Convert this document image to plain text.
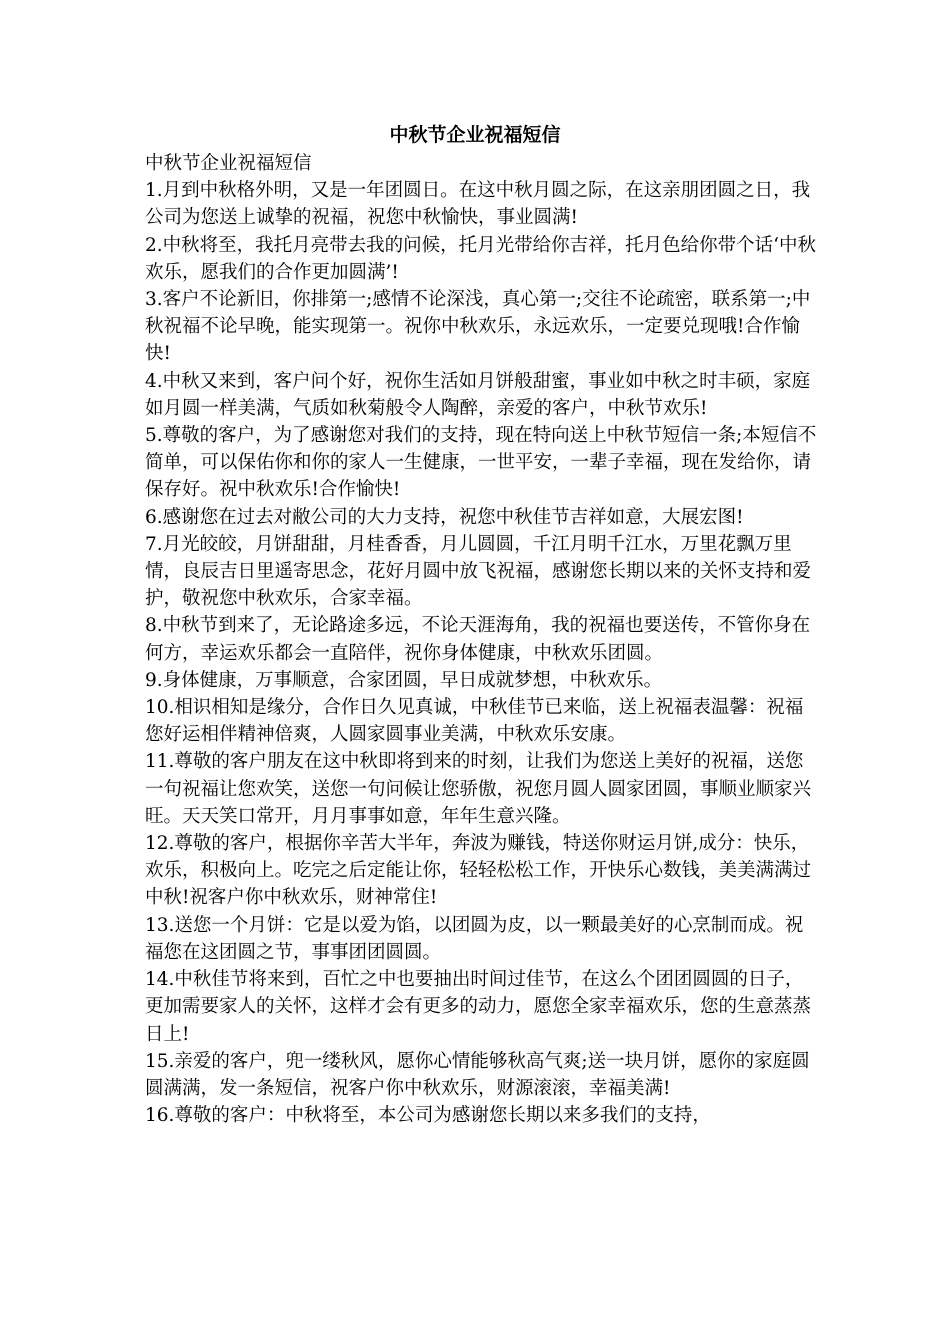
中秋节企业祝福短信

中秋节企业祝福短信

1.月到中秋格外明，又是一年团圆日。在这中秋月圆之际，在这亲朋团圆之日，我公司为您送上诚挚的祝福，祝您中秋愉快，事业圆满!

2.中秋将至，我托月亮带去我的问候，托月光带给你吉祥，托月色给你带个话‘中秋欢乐，愿我们的合作更加圆满’!

3.客户不论新旧，你排第一;感情不论深浅，真心第一;交往不论疏密，联系第一;中秋祝福不论早晚，能实现第一。祝你中秋欢乐，永远欢乐，一定要兑现哦!合作愉快!

4.中秋又来到，客户问个好，祝你生活如月饼般甜蜜，事业如中秋之时丰硕，家庭如月圆一样美满，气质如秋菊般令人陶醉，亲爱的客户，中秋节欢乐!

5.尊敬的客户，为了感谢您对我们的支持，现在特向送上中秋节短信一条;本短信不简单，可以保佑你和你的家人一生健康，一世平安，一辈子幸福，现在发给你，请保存好。祝中秋欢乐!合作愉快!

6.感谢您在过去对敝公司的大力支持，祝您中秋佳节吉祥如意，大展宏图!

7.月光皎皎，月饼甜甜，月桂香香，月儿圆圆，千江月明千江水，万里花飘万里情，良辰吉日里遥寄思念，花好月圆中放飞祝福，感谢您长期以来的关怀支持和爱护，敬祝您中秋欢乐，合家幸福。

8.中秋节到来了，无论路途多远，不论天涯海角，我的祝福也要送传，不管你身在何方，幸运欢乐都会一直陪伴，祝你身体健康，中秋欢乐团圆。

9.身体健康，万事顺意，合家团圆，早日成就梦想，中秋欢乐。

10.相识相知是缘分，合作日久见真诚，中秋佳节已来临，送上祝福表温馨：祝福您好运相伴精神倍爽，人圆家圆事业美满，中秋欢乐安康。

11.尊敬的客户朋友在这中秋即将到来的时刻，让我们为您送上美好的祝福，送您一句祝福让您欢笑，送您一句问候让您骄傲，祝您月圆人圆家团圆，事顺业顺家兴旺。天天笑口常开，月月事事如意，年年生意兴隆。

12.尊敬的客户，根据你辛苦大半年，奔波为赚钱，特送你财运月饼,成分：快乐，欢乐，积极向上。吃完之后定能让你，轻轻松松工作，开快乐心数钱，美美满满过中秋!祝客户你中秋欢乐，财神常住!

13.送您一个月饼：它是以爱为馅，以团圆为皮，以一颗最美好的心烹制而成。祝福您在这团圆之节，事事团团圆圆。

14.中秋佳节将来到，百忙之中也要抽出时间过佳节，在这么个团团圆圆的日子，更加需要家人的关怀，这样才会有更多的动力，愿您全家幸福欢乐，您的生意蒸蒸日上!

15.亲爱的客户，兜一缕秋风，愿你心情能够秋高气爽;送一块月饼，愿你的家庭圆圆满满，发一条短信，祝客户你中秋欢乐，财源滚滚，幸福美满!

16.尊敬的客户：中秋将至，本公司为感谢您长期以来多我们的支持，
